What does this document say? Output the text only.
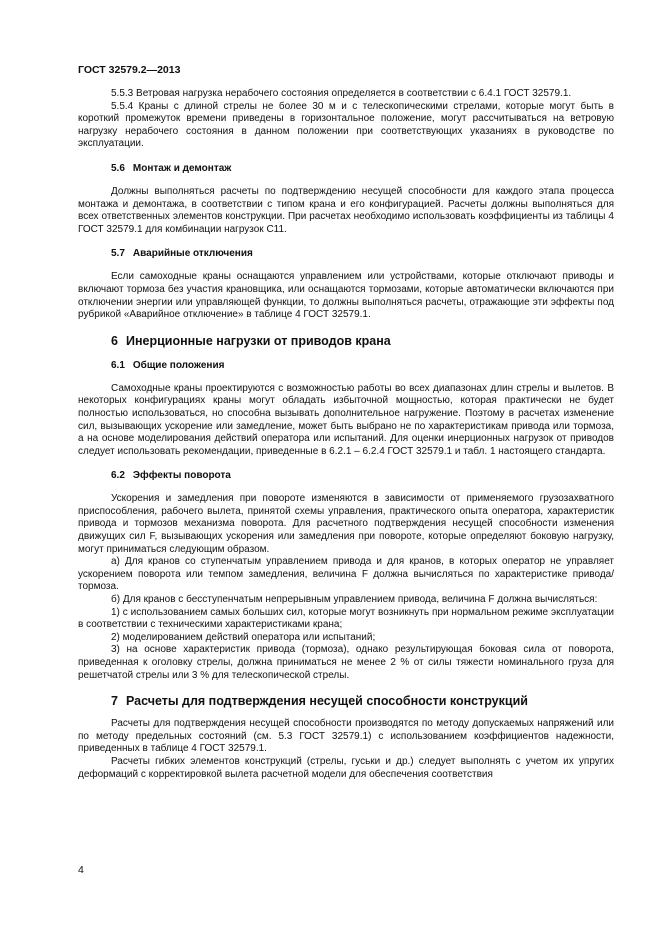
ГОСТ 32579.2—2013

5.5.3 Ветровая нагрузка нерабочего состояния определяется в соответствии с 6.4.1 ГОСТ 32579.1.

5.5.4 Краны с длиной стрелы не более 30 м и с телескопическими стрелами, которые могут быть в короткий промежуток времени приведены в горизонтальное положение, могут рассчитываться на ветровую нагрузку нерабочего состояния в данном положении при соответствующих указаниях в руководстве по эксплуатации.

5.6 Монтаж и демонтаж

Должны выполняться расчеты по подтверждению несущей способности для каждого этапа процесса монтажа и демонтажа, в соответствии с типом крана и его конфигурацией. Расчеты должны выполняться для всех ответственных элементов конструкции. При расчетах необходимо использовать коэффициенты из таблицы 4 ГОСТ 32579.1 для комбинации нагрузок С11.

5.7 Аварийные отключения

Если самоходные краны оснащаются управлением или устройствами, которые отключают приводы и включают тормоза без участия крановщика, или оснащаются тормозами, которые автоматически включаются при отключении энергии или управляющей функции, то должны выполняться расчеты, отражающие эти эффекты под рубрикой «Аварийное отключение» в таблице 4 ГОСТ 32579.1.

6 Инерционные нагрузки от приводов крана
6.1 Общие положения

Самоходные краны проектируются с возможностью работы во всех диапазонах длин стрелы и вылетов. В некоторых конфигурациях краны могут обладать избыточной мощностью, которая практически не будет полностью использоваться, но способна вызывать дополнительное нагружение. Поэтому в расчетах изменение сил, вызывающих ускорение или замедление, может быть выбрано не по характеристикам привода или тормоза, а на основе моделирования действий оператора или испытаний. Для оценки инерционных нагрузок от приводов следует использовать рекомендации, приведенные в 6.2.1 – 6.2.4 ГОСТ 32579.1 и табл. 1 настоящего стандарта.

6.2 Эффекты поворота

Ускорения и замедления при повороте изменяются в зависимости от применяемого грузозахватного приспособления, рабочего вылета, принятой схемы управления, практического опыта оператора, характеристик привода и тормозов механизма поворота. Для расчетного подтверждения несущей способности изменения движущих сил F, вызывающих ускорения или замедления при повороте, которые определяют боковую нагрузку, могут приниматься следующим образом.

а) Для кранов со ступенчатым управлением привода и для кранов, в которых оператор не управляет ускорением поворота или темпом замедления, величина F должна вычисляться по характеристике привода/тормоза.

б) Для кранов с бесступенчатым непрерывным управлением привода, величина F должна вычисляться:

1) с использованием самых больших сил, которые могут возникнуть при нормальном режиме эксплуатации в соответствии с техническими характеристиками крана;

2) моделированием действий оператора или испытаний;

3) на основе характеристик привода (тормоза), однако результирующая боковая сила от поворота, приведенная к оголовку стрелы, должна приниматься не менее 2 % от силы тяжести номинального груза для решетчатой стрелы или 3 % для телескопической стрелы.

7 Расчеты для подтверждения несущей способности конструкций

Расчеты для подтверждения несущей способности производятся по методу допускаемых напряжений или по методу предельных состояний (см. 5.3 ГОСТ 32579.1) с использованием коэффициентов надежности, приведенных в таблице 4 ГОСТ 32579.1.

Расчеты гибких элементов конструкций (стрелы, гуськи и др.) следует выполнять с учетом их упругих деформаций с корректировкой вылета расчетной модели для обеспечения соответствия

4
